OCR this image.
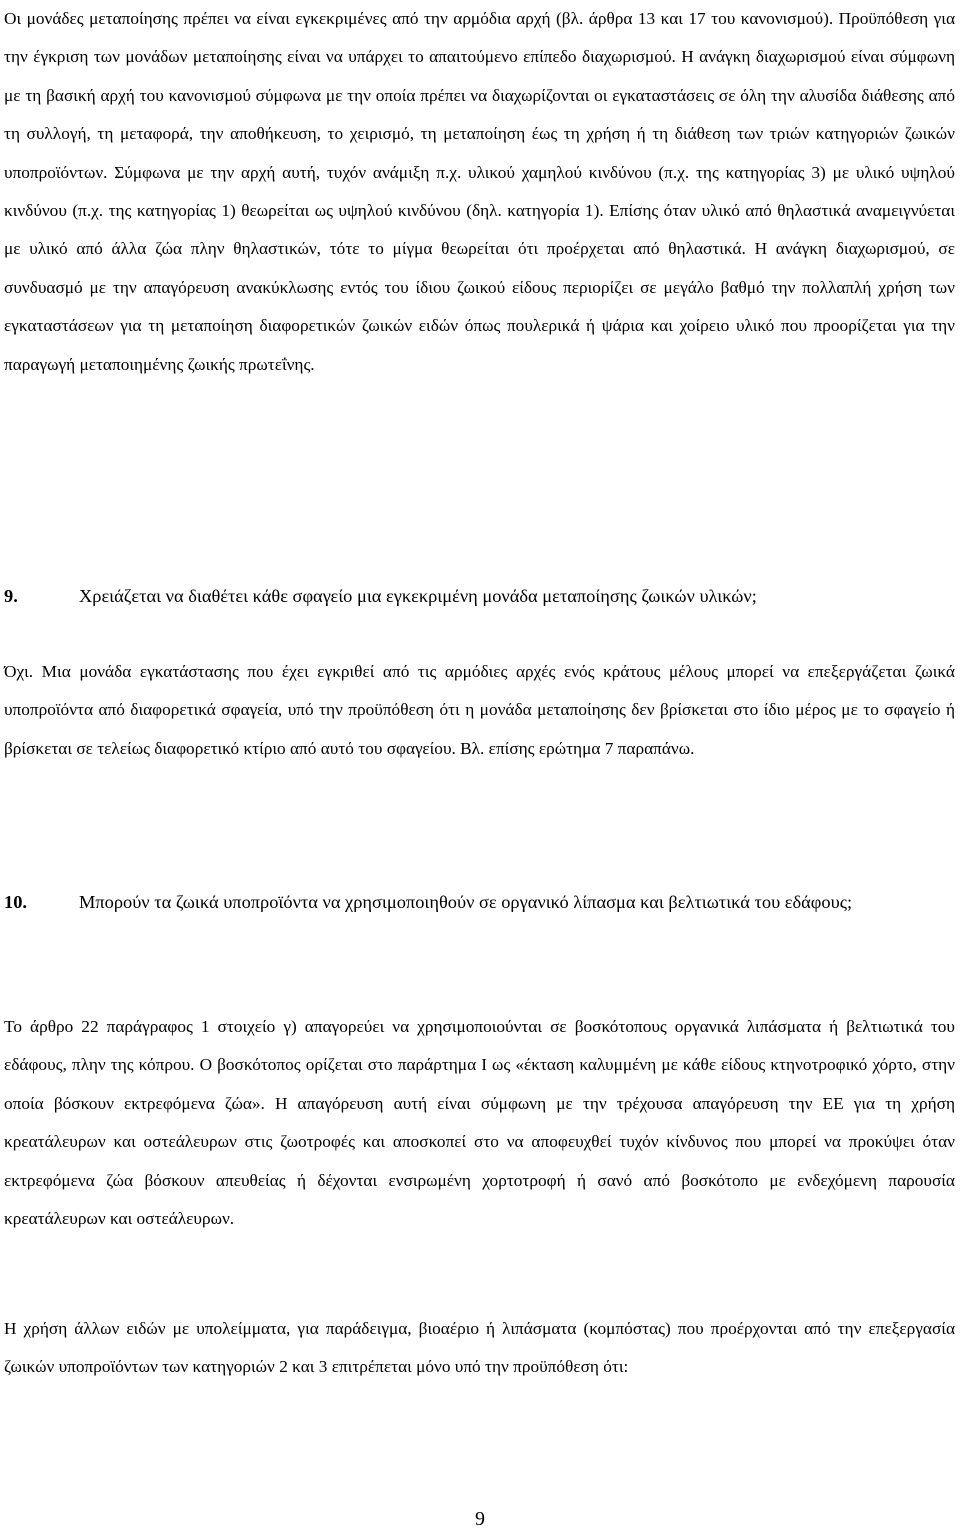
Οι μονάδες μεταποίησης πρέπει να είναι εγκεκριμένες από την αρμόδια αρχή (βλ. άρθρα 13 και 17 του κανονισμού). Προϋπόθεση για την έγκριση των μονάδων μεταποίησης είναι να υπάρχει το απαιτούμενο επίπεδο διαχωρισμού. Η ανάγκη διαχωρισμού είναι σύμφωνη με τη βασική αρχή του κανονισμού σύμφωνα με την οποία πρέπει να διαχωρίζονται οι εγκαταστάσεις σε όλη την αλυσίδα διάθεσης από τη συλλογή, τη μεταφορά, την αποθήκευση, το χειρισμό, τη μεταποίηση έως τη χρήση ή τη διάθεση των τριών κατηγοριών ζωικών υποπροϊόντων. Σύμφωνα με την αρχή αυτή, τυχόν ανάμιξη π.χ. υλικού χαμηλού κινδύνου (π.χ. της κατηγορίας 3) με υλικό υψηλού κινδύνου (π.χ. της κατηγορίας 1) θεωρείται ως υψηλού κινδύνου (δηλ. κατηγορία 1). Επίσης όταν υλικό από θηλαστικά αναμειγνύεται με υλικό από άλλα ζώα πλην θηλαστικών, τότε το μίγμα θεωρείται ότι προέρχεται από θηλαστικά. Η ανάγκη διαχωρισμού, σε συνδυασμό με την απαγόρευση ανακύκλωσης εντός του ίδιου ζωικού είδους περιορίζει σε μεγάλο βαθμό την πολλαπλή χρήση των εγκαταστάσεων για τη μεταποίηση διαφορετικών ζωικών ειδών όπως πουλερικά ή ψάρια και χοίρειο υλικό που προορίζεται για την παραγωγή μεταποιημένης ζωικής πρωτεΐνης.

9.	Χρειάζεται να διαθέτει κάθε σφαγείο μια εγκεκριμένη μονάδα μεταποίησης ζωικών υλικών;

Όχι. Μια μονάδα εγκατάστασης που έχει εγκριθεί από τις αρμόδιες αρχές ενός κράτους μέλους μπορεί να επεξεργάζεται ζωικά υποπροϊόντα από διαφορετικά σφαγεία, υπό την προϋπόθεση ότι η μονάδα μεταποίησης δεν βρίσκεται στο ίδιο μέρος με το σφαγείο ή βρίσκεται σε τελείως διαφορετικό κτίριο από αυτό του σφαγείου. Βλ. επίσης ερώτημα 7 παραπάνω.

10.	Μπορούν τα ζωικά υποπροϊόντα να χρησιμοποιηθούν σε οργανικό λίπασμα και βελτιωτικά του εδάφους;

Το άρθρο 22 παράγραφος 1 στοιχείο γ) απαγορεύει να χρησιμοποιούνται σε βοσκότοπους οργανικά λιπάσματα ή βελτιωτικά του εδάφους, πλην της κόπρου. Ο βοσκότοπος ορίζεται στο παράρτημα I ως «έκταση καλυμμένη με κάθε είδους κτηνοτροφικό χόρτο, στην οποία βόσκουν εκτρεφόμενα ζώα». Η απαγόρευση αυτή είναι σύμφωνη με την τρέχουσα απαγόρευση την ΕΕ για τη χρήση κρεατάλευρων και οστεάλευρων στις ζωοτροφές και αποσκοπεί στο να αποφευχθεί τυχόν κίνδυνος που μπορεί να προκύψει όταν εκτρεφόμενα ζώα βόσκουν απευθείας ή δέχονται ενσιρωμένη χορτοτροφή ή σανό από βοσκότοπο με ενδεχόμενη παρουσία κρεατάλευρων και οστεάλευρων.

Η χρήση άλλων ειδών με υπολείμματα, για παράδειγμα, βιοαέριο ή λιπάσματα (κομπόστας) που προέρχονται από την επεξεργασία ζωικών υποπροϊόντων των κατηγοριών 2 και 3 επιτρέπεται μόνο υπό την προϋπόθεση ότι:

9
